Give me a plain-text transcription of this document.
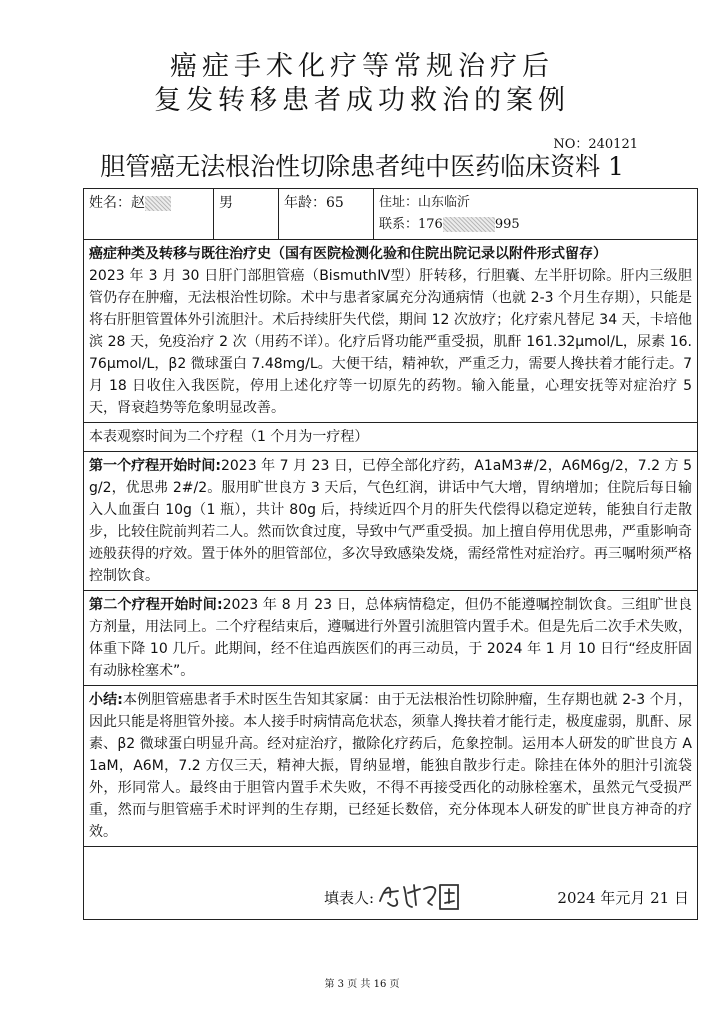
癌症手术化疗等常规治疗后
复发转移患者成功救治的案例
NO：240121
胆管癌无法根治性切除患者纯中医药临床资料 1
姓名：赵	男	年龄：65	住址：山东临沂
联系：176	995

癌症种类及转移与既往治疗史（国有医院检测化验和住院出院记录以附件形式留存）
2023 年 3 月 30 日肝门部胆管癌（BismuthⅣ型）肝转移，行胆囊、左半肝切除。肝内三级胆管仍存在肿瘤，无法根治性切除。术中与患者家属充分沟通病情（也就 2-3 个月生存期），只能是将右肝胆管置体外引流胆汁。术后持续肝失代偿，期间 12 次放疗；化疗索凡替尼 34 天，卡培他滨 28 天，免疫治疗 2 次（用药不详）。化疗后肾功能严重受损，肌酐 161.32μmol/L，尿素 16.76μmol/L，β2 微球蛋白 7.48mg/L。大便干结，精神软，严重乏力，需要人搀扶着才能行走。7 月 18 日收住入我医院，停用上述化疗等一切原先的药物。输入能量，心理安抚等对症治疗 5 天，肾衰趋势等危象明显改善。

本表观察时间为二个疗程（1 个月为一疗程）
第一个疗程开始时间:2023 年 7 月 23 日，已停全部化疗药，A1aM3#/2，A6M6g/2，7.2 方 5g/2，优思弗 2#/2。服用旷世良方 3 天后，气色红润，讲话中气大增，胃纳增加；住院后每日输入人血蛋白 10g（1 瓶），共计 80g 后，持续近四个月的肝失代偿得以稳定逆转，能独自行走散步，比较住院前判若二人。然而饮食过度，导致中气严重受损。加上擅自停用优思弗，严重影响奇迹般获得的疗效。置于体外的胆管部位，多次导致感染发烧，需经常性对症治疗。再三嘱咐须严格控制饮食。
第二个疗程开始时间:2023 年 8 月 23 日，总体病情稳定，但仍不能遵嘱控制饮食。三组旷世良方剂量，用法同上。二个疗程结束后，遵嘱进行外置引流胆管内置手术。但是先后二次手术失败，体重下降 10 几斤。此期间，经不住追西族医们的再三动员，于 2024 年 1 月 10 日行“经皮肝固有动脉栓塞术”。
小结:本例胆管癌患者手术时医生告知其家属：由于无法根治性切除肿瘤，生存期也就 2-3 个月，因此只能是将胆管外接。本人接手时病情高危状态，须靠人搀扶着才能行走，极度虚弱，肌酐、尿素、β2 微球蛋白明显升高。经对症治疗，撤除化疗药后，危象控制。运用本人研发的旷世良方 A1aM，A6M，7.2 方仅三天，精神大振，胃纳显增，能独自散步行走。除挂在体外的胆汁引流袋外，形同常人。最终由于胆管内置手术失败，不得不再接受西化的动脉栓塞术，虽然元气受损严重，然而与胆管癌手术时评判的生存期，已经延长数倍，充分体现本人研发的旷世良方神奇的疗效。

填表人:	2024 年元月 21 日
第 3 页 共 16 页
